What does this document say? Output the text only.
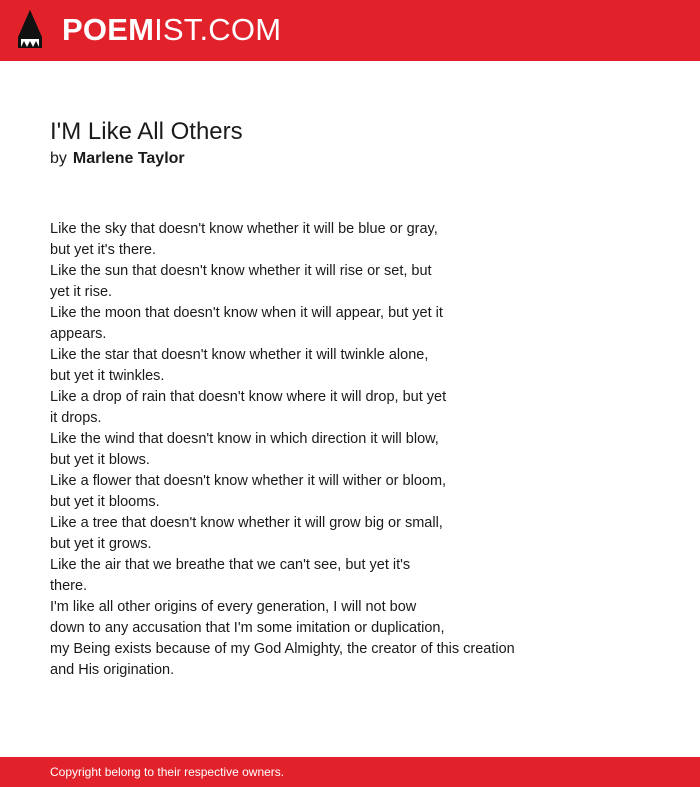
POEMIST.COM
I'M Like All Others
by Marlene Taylor
Like the sky that doesn't know whether it will be blue or gray,
but yet it's there.
Like the sun that doesn't know whether it will rise or set, but
yet it rise.
Like the moon that doesn't know when it will appear, but yet it
appears.
Like the star that doesn't know whether it will twinkle alone,
but yet it twinkles.
Like a drop of rain that doesn't know where it will drop, but yet
it drops.
Like the wind that doesn't know in which direction it will blow,
but yet it blows.
Like a flower that doesn't know whether it will wither or bloom,
but yet it blooms.
Like a tree that doesn't know whether it will grow big or small,
but yet it grows.
Like the air that we breathe that we can't see, but yet it's
there.
I'm like all other origins of every generation, I will not bow
down to any accusation that I'm some imitation or duplication,
my Being exists because of my God Almighty, the creator of this creation
and His origination.
Copyright belong to their respective owners.
